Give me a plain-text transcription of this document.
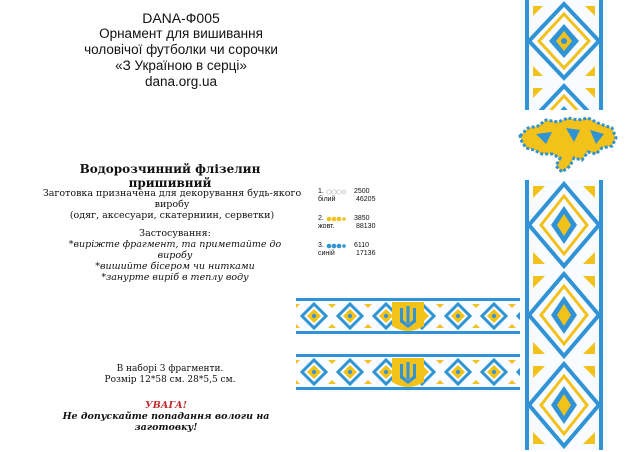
DANA-Ф005
Орнамент для вишивання
чоловічої футболки чи сорочки
«З Україною в серці»
dana.org.ua
Водорозчинний флізелин пришивний
Заготовка призначена для декорування будь-якого виробу
(одяг, аксесуари, скатерниин, серветки)
Застосування:
*виріжте фрагмент, та приметайте до виробу
*вишийте бісером чи нитками
*занурте виріб в теплу воду
1.	2500
білий	46205
2.	3850
жовт.	88130
3.	6110
синій	17136
В наборі 3 фрагменти.
Розмір 12*58 см. 28*5,5 см.
УВАГА!
Не допускайте попадання вологи на заготовку!
